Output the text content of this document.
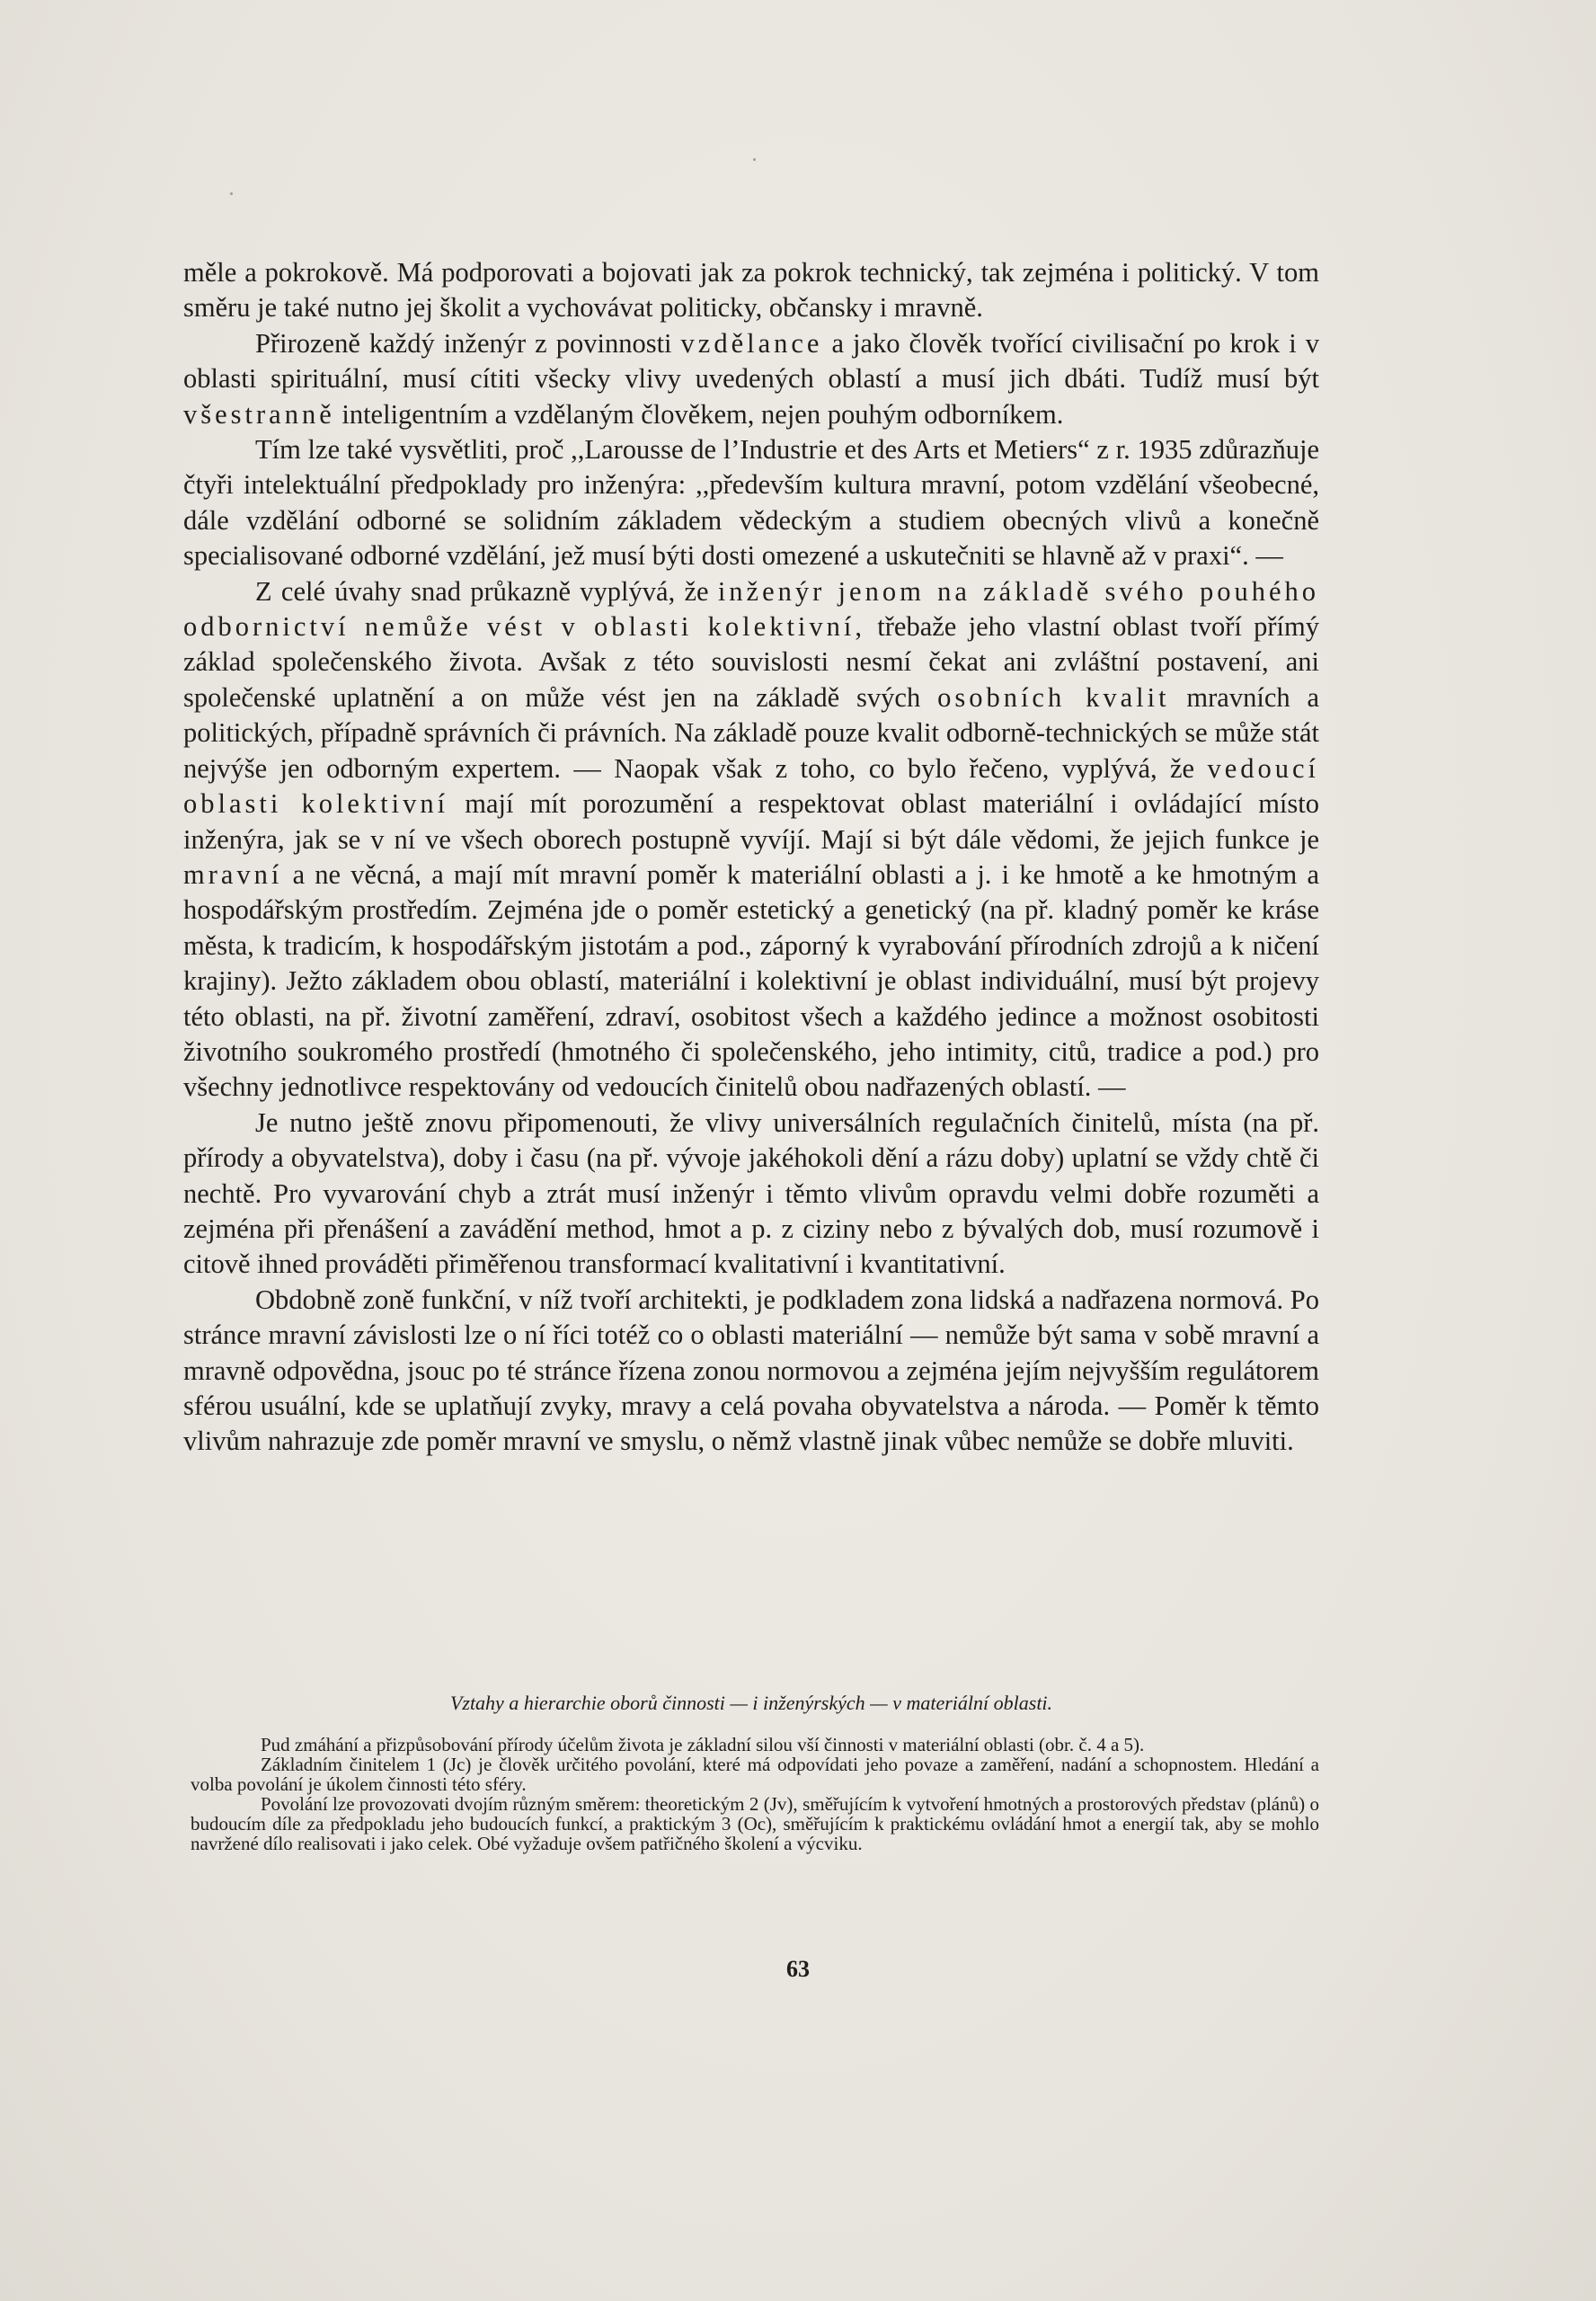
měle a pokrokově. Má podporovati a bojovati jak za pokrok technický, tak zejména i politický. V tom směru je také nutno jej školit a vychovávat politicky, občansky i mravně.

Přirozeně každý inženýr z povinnosti vzdělance a jako člověk tvořící civilisační po krok i v oblasti spirituální, musí cítiti všecky vlivy uvedených oblastí a musí jich dbáti. Tudíž musí být všestranně inteligentním a vzdělaným člověkem, nejen pouhým odborníkem.

Tím lze také vysvětliti, proč ,,Larousse de l’Industrie et des Arts et Metiers“ z r. 1935 zdůrazňuje čtyři intelektuální předpoklady pro inženýra: ,,především kultura mravní, potom vzdělání všeobecné, dále vzdělání odborné se solidním základem vědeckým a studiem obecných vlivů a konečně specialisované odborné vzdělání, jež musí býti dosti omezené a uskutečniti se hlavně až v praxi“. —

Z celé úvahy snad průkazně vyplývá, že inženýr jenom na základě svého pouhého odbornictví nemůže vést v oblasti kolektivní, třebaže jeho vlastní oblast tvoří přímý základ společenského života. Avšak z této souvislosti nesmí čekat ani zvláštní postavení, ani společenské uplatnění a on může vést jen na základě svých osobních kvalit mravních a politických, případně správních či právních. Na základě pouze kvalit odborně-technických se může stát nejvýše jen odborným expertem. — Naopak však z toho, co bylo řečeno, vyplývá, že vedoucí oblasti kolektivní mají mít porozumění a respektovat oblast materiální i ovládající místo inženýra, jak se v ní ve všech oborech postupně vyvíjí. Mají si být dále vědomi, že jejich funkce je mravní a ne věcná, a mají mít mravní poměr k materiální oblasti a j. i ke hmotě a ke hmotným a hospodářským prostředím. Zejména jde o poměr estetický a genetický (na př. kladný poměr ke kráse města, k tradicím, k hospodářským jistotám a pod., záporný k vyrabování přírodních zdrojů a k ničení krajiny). Ježto základem obou oblastí, materiální i kolektivní je oblast individuální, musí být projevy této oblasti, na př. životní zaměření, zdraví, osobitost všech a každého jedince a možnost osobitosti životního soukromého prostředí (hmotného či společenského, jeho intimity, citů, tradice a pod.) pro všechny jednotlivce respektovány od vedoucích činitelů obou nadřazených oblastí. —

Je nutno ještě znovu připomenouti, že vlivy universálních regulačních činitelů, místa (na př. přírody a obyvatelstva), doby i času (na př. vývoje jakéhokoli dění a rázu doby) uplatní se vždy chtě či nechtě. Pro vyvarování chyb a ztrát musí inženýr i těmto vlivům opravdu velmi dobře rozuměti a zejména při přenášení a zavádění method, hmot a p. z ciziny nebo z bývalých dob, musí rozumově i citově ihned prováděti přiměřenou transformací kvalitativní i kvantitativní.

Obdobně zoně funkční, v níž tvoří architekti, je podkladem zona lidská a nadřazena normová. Po stránce mravní závislosti lze o ní říci totéž co o oblasti materiální — nemůže být sama v sobě mravní a mravně odpovědna, jsouc po té stránce řízena zonou normovou a zejména jejím nejvyšším regulátorem sférou usuální, kde se uplatňují zvyky, mravy a celá povaha obyvatelstva a národa. — Poměr k těmto vlivům nahrazuje zde poměr mravní ve smyslu, o němž vlastně jinak vůbec nemůže se dobře mluviti.

Vztahy a hierarchie oborů činnosti — i inženýrských — v materiální oblasti.

Pud zmáhání a přizpůsobování přírody účelům života je základní silou vší činnosti v materiální oblasti (obr. č. 4 a 5).

Základním činitelem 1 (Jc) je člověk určitého povolání, které má odpovídati jeho povaze a zaměření, nadání a schopnostem. Hledání a volba povolání je úkolem činnosti této sféry.

Povolání lze provozovati dvojím různým směrem: theoretickým 2 (Jv), směřujícím k vytvoření hmotných a prostorových představ (plánů) o budoucím díle za předpokladu jeho budoucích funkcí, a praktickým 3 (Oc), směřujícím k praktickému ovládání hmot a energií tak, aby se mohlo navržené dílo realisovati i jako celek. Obé vyžaduje ovšem patřičného školení a výcviku.

63
